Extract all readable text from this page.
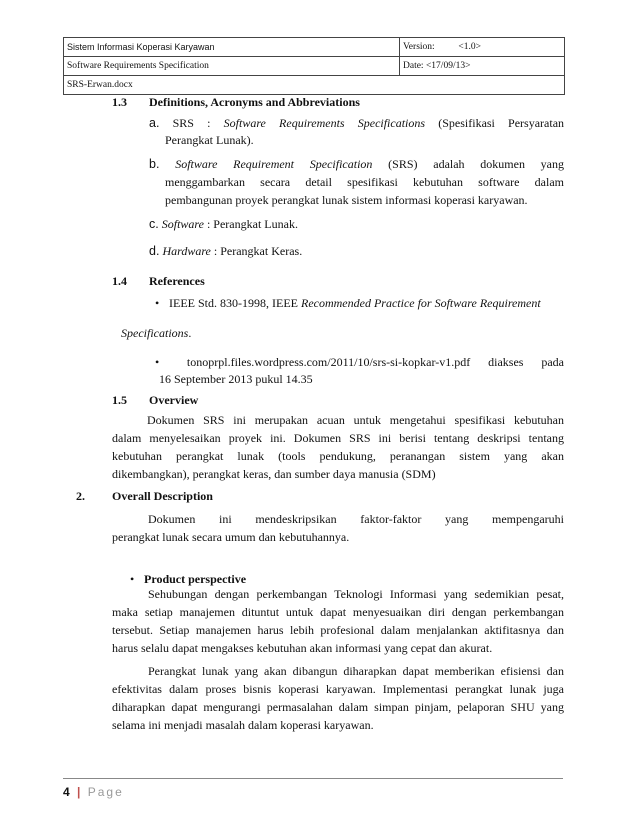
Sistem Informasi Koperasi Karyawan	Version:          <1.0>
Software Requirements Specification	Date: <17/09/13>
SRS-Erwan.docx	
1.3 Definitions, Acronyms and Abbreviations
a. SRS : Software Requirements Specifications (Spesifikasi Persyaratan
Perangkat Lunak).
b. Software Requirement Specification (SRS) adalah dokumen yang
menggambarkan secara detail spesifikasi kebutuhan software dalam
pembangunan proyek perangkat lunak sistem informasi koperasi karyawan.
c. Software : Perangkat Lunak.
d. Hardware : Perangkat Keras.
1.4 References
• IEEE Std. 830-1998, IEEE Recommended Practice for Software Requirement
Specifications.
• tonoprpl.files.wordpress.com/2011/10/srs-si-kopkar-v1.pdf diakses pada
16 September 2013 pukul 14.35
1.5 Overview
Dokumen SRS ini merupakan acuan untuk mengetahui spesifikasi kebutuhan
dalam menyelesaikan proyek ini. Dokumen SRS ini berisi tentang deskripsi tentang
kebutuhan perangkat lunak (tools pendukung, peranangan sistem yang akan
dikembangkan), perangkat keras, dan sumber daya manusia (SDM)
2. Overall Description
Dokumen ini mendeskripsikan faktor-faktor yang mempengaruhi
perangkat lunak secara umum dan kebutuhannya.
• Product perspective
Sehubungan dengan perkembangan Teknologi Informasi yang sedemikian pesat,
maka setiap manajemen dituntut untuk dapat menyesuaikan diri dengan perkembangan
tersebut. Setiap manajemen harus lebih profesional dalam menjalankan aktifitasnya dan
harus selalu dapat mengakses kebutuhan akan informasi yang cepat dan akurat.
Perangkat lunak yang akan dibangun diharapkan dapat memberikan efisiensi dan
efektivitas dalam proses bisnis koperasi karyawan. Implementasi perangkat lunak juga
diharapkan dapat mengurangi permasalahan dalam simpan pinjam, pelaporan SHU yang
selama ini menjadi masalah dalam koperasi karyawan.
4 | Page
